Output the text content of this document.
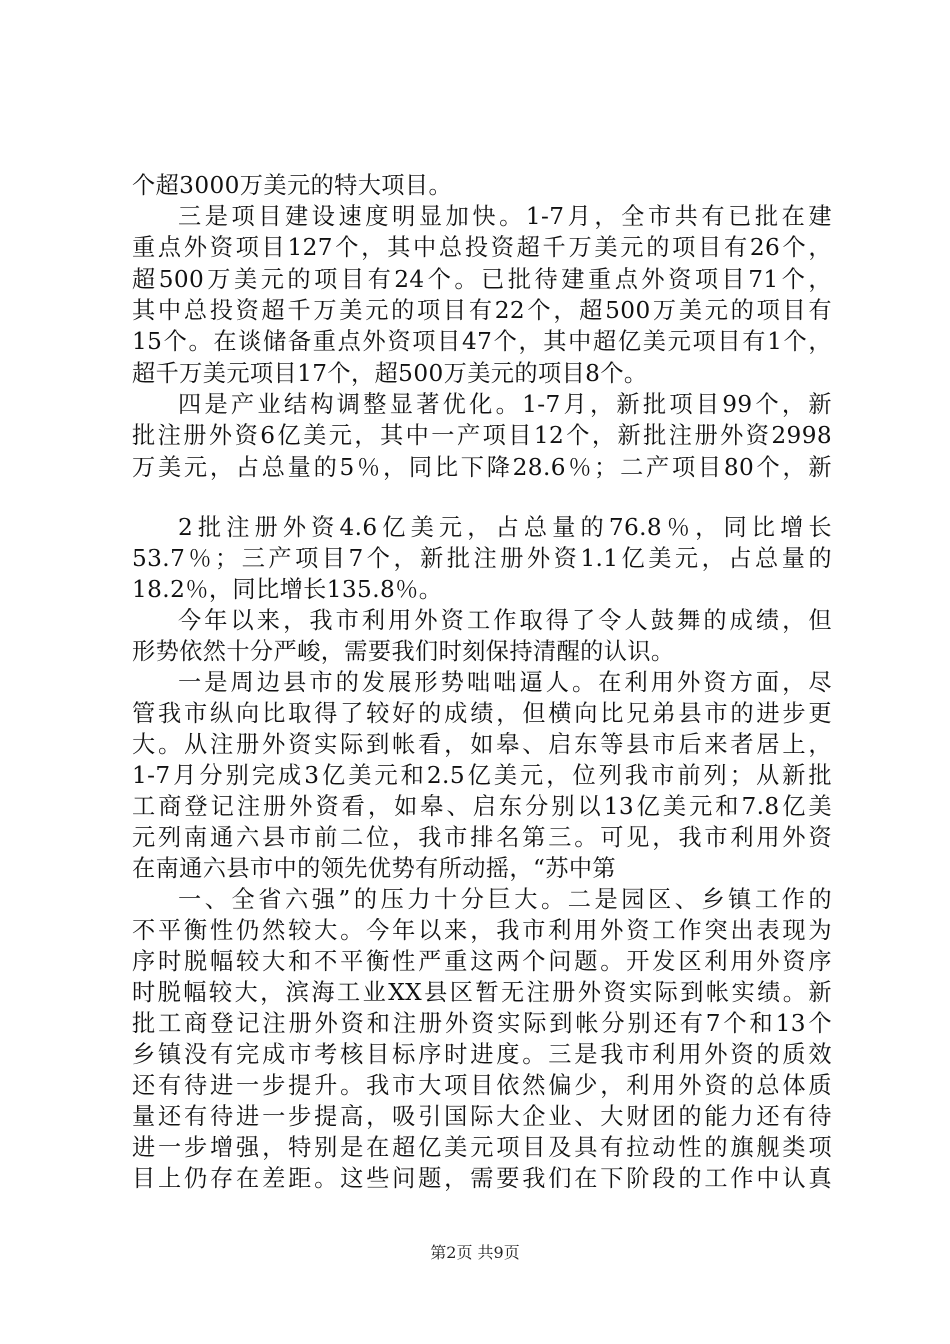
个超3000万美元的特大项目。
三是项目建设速度明显加快。1-7月，全市共有已批在建
重点外资项目127个，其中总投资超千万美元的项目有26个，
超500万美元的项目有24个。已批待建重点外资项目71个，
其中总投资超千万美元的项目有22个，超500万美元的项目有
15个。在谈储备重点外资项目47个，其中超亿美元项目有1个，
超千万美元项目17个，超500万美元的项目8个。
四是产业结构调整显著优化。1-7月，新批项目99个，新
批注册外资6亿美元，其中一产项目12个，新批注册外资2998
万美元，占总量的5％，同比下降28.6％；二产项目80个，新
2批注册外资4.6亿美元，占总量的76.8％，同比增长
53.7％；三产项目7个，新批注册外资1.1亿美元，占总量的
18.2％，同比增长135.8％。
今年以来，我市利用外资工作取得了令人鼓舞的成绩，但
形势依然十分严峻，需要我们时刻保持清醒的认识。
一是周边县市的发展形势咄咄逼人。在利用外资方面，尽
管我市纵向比取得了较好的成绩，但横向比兄弟县市的进步更
大。从注册外资实际到帐看，如皋、启东等县市后来者居上，
1-7月分别完成3亿美元和2.5亿美元，位列我市前列；从新批
工商登记注册外资看，如皋、启东分别以13亿美元和7.8亿美
元列南通六县市前二位，我市排名第三。可见，我市利用外资
在南通六县市中的领先优势有所动摇，“苏中第
一、全省六强”的压力十分巨大。二是园区、乡镇工作的
不平衡性仍然较大。今年以来，我市利用外资工作突出表现为
序时脱幅较大和不平衡性严重这两个问题。开发区利用外资序
时脱幅较大，滨海工业XX县区暂无注册外资实际到帐实绩。新
批工商登记注册外资和注册外资实际到帐分别还有7个和13个
乡镇没有完成市考核目标序时进度。三是我市利用外资的质效
还有待进一步提升。我市大项目依然偏少，利用外资的总体质
量还有待进一步提高，吸引国际大企业、大财团的能力还有待
进一步增强，特别是在超亿美元项目及具有拉动性的旗舰类项
目上仍存在差距。这些问题，需要我们在下阶段的工作中认真
第2页 共9页
